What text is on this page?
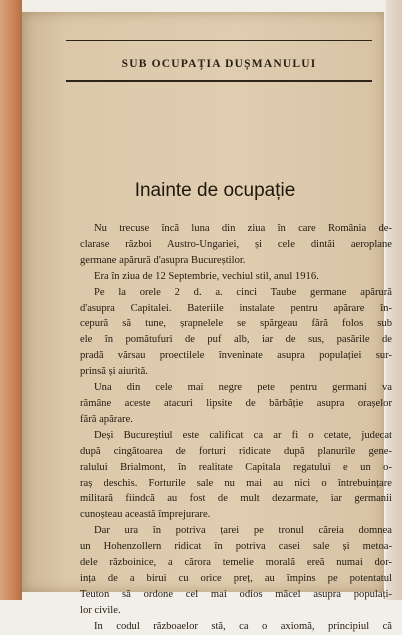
SUB OCUPAȚIA DUȘMANULUI
Inainte de ocupație
Nu trecuse încă luna din ziua în care România de-
clarase război Austro-Ungariei, și cele dintâi aeroplane
germane apărură d'asupra Bucureștilor.
Era în ziua de 12 Septembrie, vechiul stil, anul 1916.
Pe la orele 2 d. a. cinci Taube germane apărură
d'asupra Capitalei. Bateriile instalate pentru apărare în-
cepură să tune, șrapnelele se spărgeau fără folos sub
ele în pomătufuri de puf alb, iar de sus, pasările de
pradă vărsau proectilele înveninate asupra populației sur-
prinsă și aiurită.
Una din cele mai negre pete pentru germani va
rămâne aceste atacuri lipsite de bărbăție asupra orașelor
fără apărare.
Deși Bucureștiul este calificat ca ar fi o cetate, judecat
după cingătoarea de forturi ridicate după planurile gene-
ralului Brialmont, în realitate Capitala regatului e un o-
raș deschis. Forturile sale nu mai au nici o întrebuințare
militară fiindcă au fost de mult dezarmate, iar germanii
cunoșteau această împrejurare.
Dar ura în potriva țarei pe tronul căreia domnea
un Hohenzollern ridicat în potriva casei sale și metoa-
dele războinice, a cărora temelie morală ereă numai dor-
ința de a birui cu orice preț, au împins pe potentatul
Teuton să ordone cel mai odios măcel asupra populați-
lor civile.
In codul războaelor stă, ca o axiomă, principiul că
